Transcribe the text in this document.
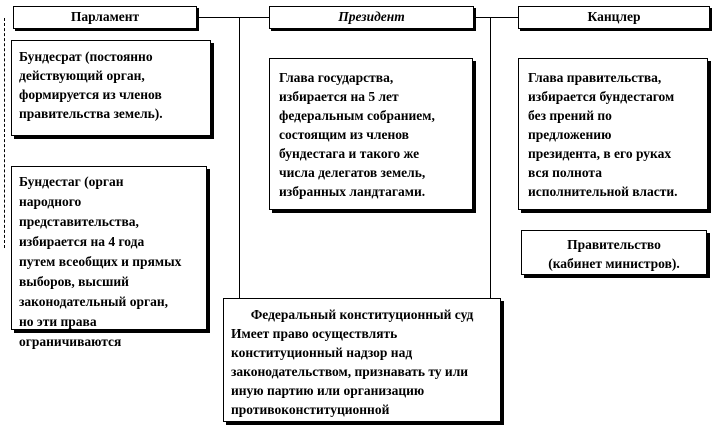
Парламент	Президент	Канцлер
Бундесрат (постоянно
действующий орган,
формируется из членов
правительства земель).
Бундестаг (орган
народного
представительства,
избирается на 4 года
путем всеобщих и прямых
выборов, высший
законодательный орган,
но эти права
ограничиваются
Глава государства,
избирается на 5 лет
федеральным собранием,
состоящим из членов
бундестага и такого же
числа делегатов земель,
избранных ландтагами.
Глава правительства,
избирается бундестагом
без прений по
предложению
президента, в его руках
вся полнота
исполнительной власти.
Правительство
(кабинет министров).
Федеральный конституционный суд
Имеет право осуществлять
конституционный надзор над
законодательством, признавать ту или
иную партию или организацию
противоконституционной
